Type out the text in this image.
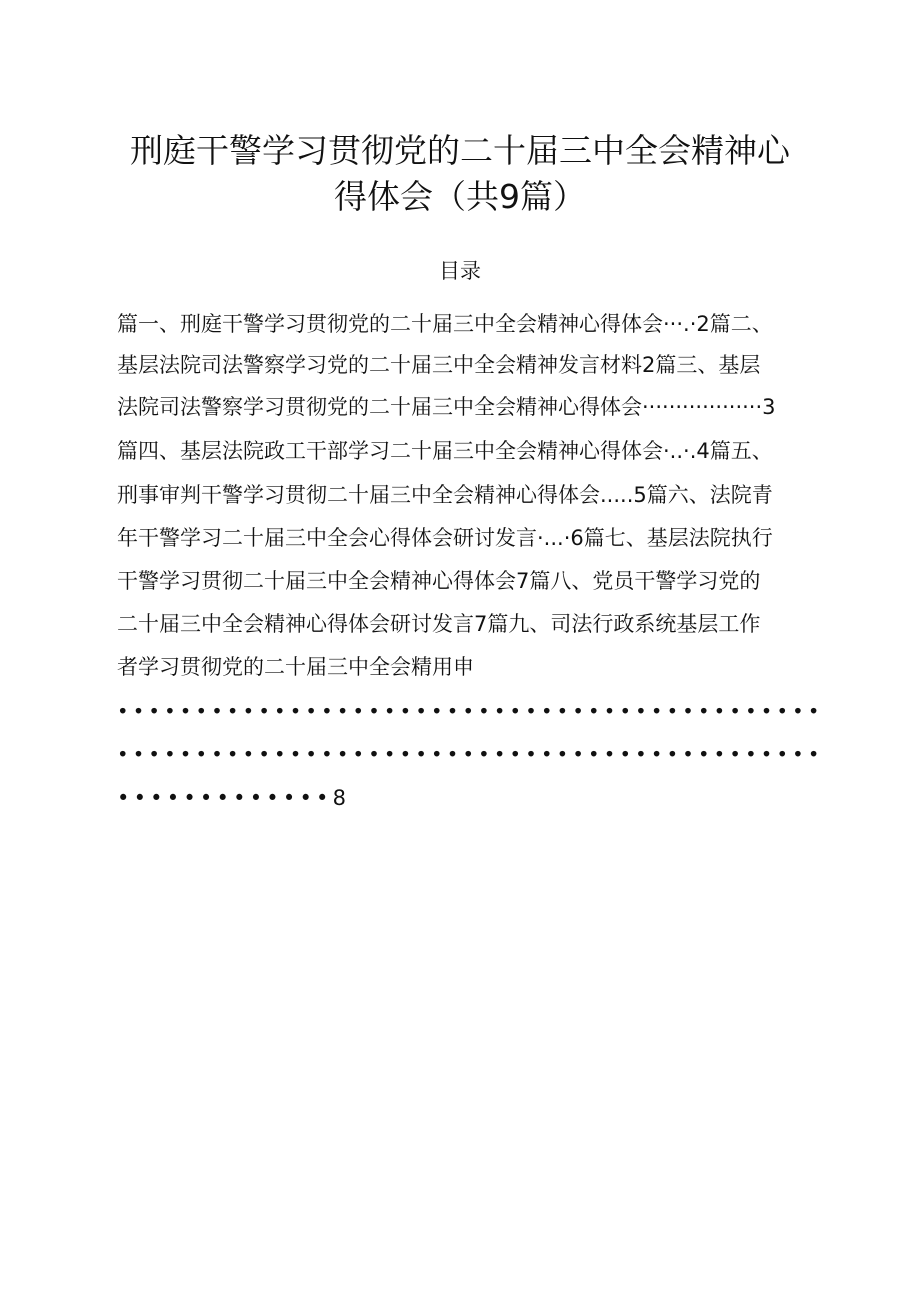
刑庭干警学习贯彻党的二十届三中全会精神心
得体会（共9篇）
目录
篇一、刑庭干警学习贯彻党的二十届三中全会精神心得体会···.·2篇二、
基层法院司法警察学习党的二十届三中全会精神发言材料2篇三、基层
法院司法警察学习贯彻党的二十届三中全会精神心得体会··················3
篇四、基层法院政工干部学习二十届三中全会精神心得体会·..·.4篇五、
刑事审判干警学习贯彻二十届三中全会精神心得体会.....5篇六、法院青
年干警学习二十届三中全会心得体会研讨发言·...·6篇七、基层法院执行
干警学习贯彻二十届三中全会精神心得体会7篇八、党员干警学习党的
二十届三中全会精神心得体会研讨发言7篇九、司法行政系统基层工作
者学习贯彻党的二十届三中全会精用申
•••••••••••••••••••••••••••••••••••••••••••••
•••••••••••••••••••••••••••••••••••••••••••••
•••••••••••••8
